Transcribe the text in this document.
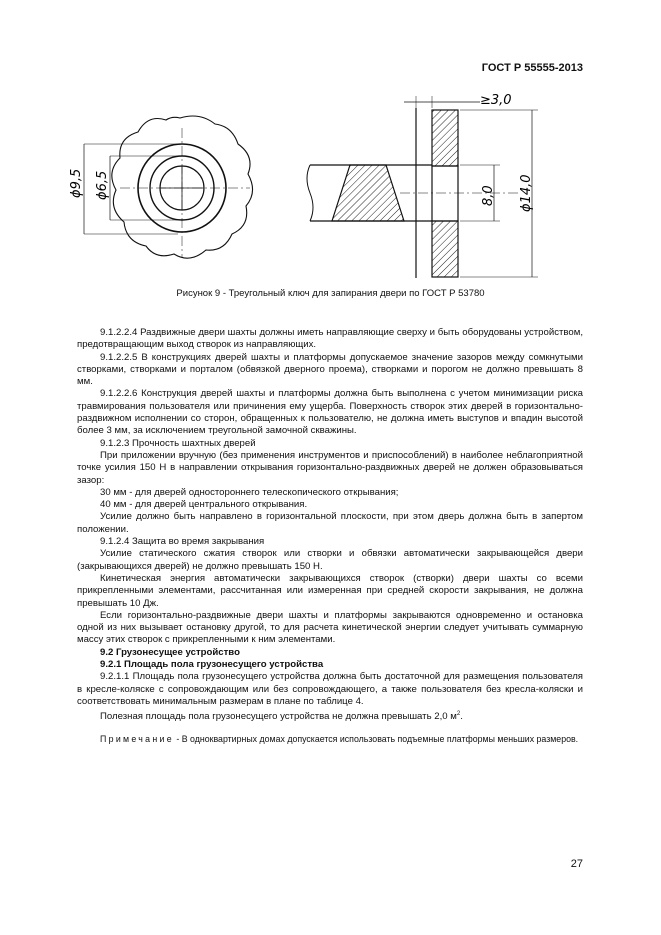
ГОСТ Р 55555-2013
ϕ9,5 ϕ6,5	8,0 ϕ14,0
≥3,0
Рисунок 9 - Треугольный ключ для запирания двери по ГОСТ Р 53780

9.1.2.2.4 Раздвижные двери шахты должны иметь направляющие сверху и быть оборудованы устройством, предотвращающим выход створок из направляющих.

9.1.2.2.5 В конструкциях дверей шахты и платформы допускаемое значение зазоров между сомкнутыми створками, створками и порталом (обвязкой дверного проема), створками и порогом не должно превышать 8 мм.

9.1.2.2.6 Конструкция дверей шахты и платформы должна быть выполнена с учетом минимизации риска травмирования пользователя или причинения ему ущерба. Поверхность створок этих дверей в горизонтально-раздвижном исполнении со сторон, обращенных к пользователю, не должна иметь выступов и впадин высотой более 3 мм, за исключением треугольной замочной скважины.

9.1.2.3 Прочность шахтных дверей

При приложении вручную (без применения инструментов и приспособлений) в наиболее неблагоприятной точке усилия 150 Н в направлении открывания горизонтально-раздвижных дверей не должен образовываться зазор:

30 мм - для дверей одностороннего телескопического открывания;

40 мм - для дверей центрального открывания.

Усилие должно быть направлено в горизонтальной плоскости, при этом дверь должна быть в запертом положении.

9.1.2.4 Защита во время закрывания

Усилие статического сжатия створок или створки и обвязки автоматически закрывающейся двери (закрывающихся дверей) не должно превышать 150 Н.

Кинетическая энергия автоматически закрывающихся створок (створки) двери шахты со всеми прикрепленными элементами, рассчитанная или измеренная при средней скорости закрывания, не должна превышать 10 Дж.

Если горизонтально-раздвижные двери шахты и платформы закрываются одновременно и остановка одной из них вызывает остановку другой, то для расчета кинетической энергии следует учитывать суммарную массу этих створок с прикрепленными к ним элементами.

9.2 Грузонесущее устройство

9.2.1 Площадь пола грузонесущего устройства

9.2.1.1 Площадь пола грузонесущего устройства должна быть достаточной для размещения пользователя в кресле-коляске с сопровождающим или без сопровождающего, а также пользователя без кресла-коляски и соответствовать минимальным размерам в плане по таблице 4.

Полезная площадь пола грузонесущего устройства не должна превышать 2,0 $м^2$.

Примечание - В одноквартирных домах допускается использовать подъемные платформы меньших размеров.

27
